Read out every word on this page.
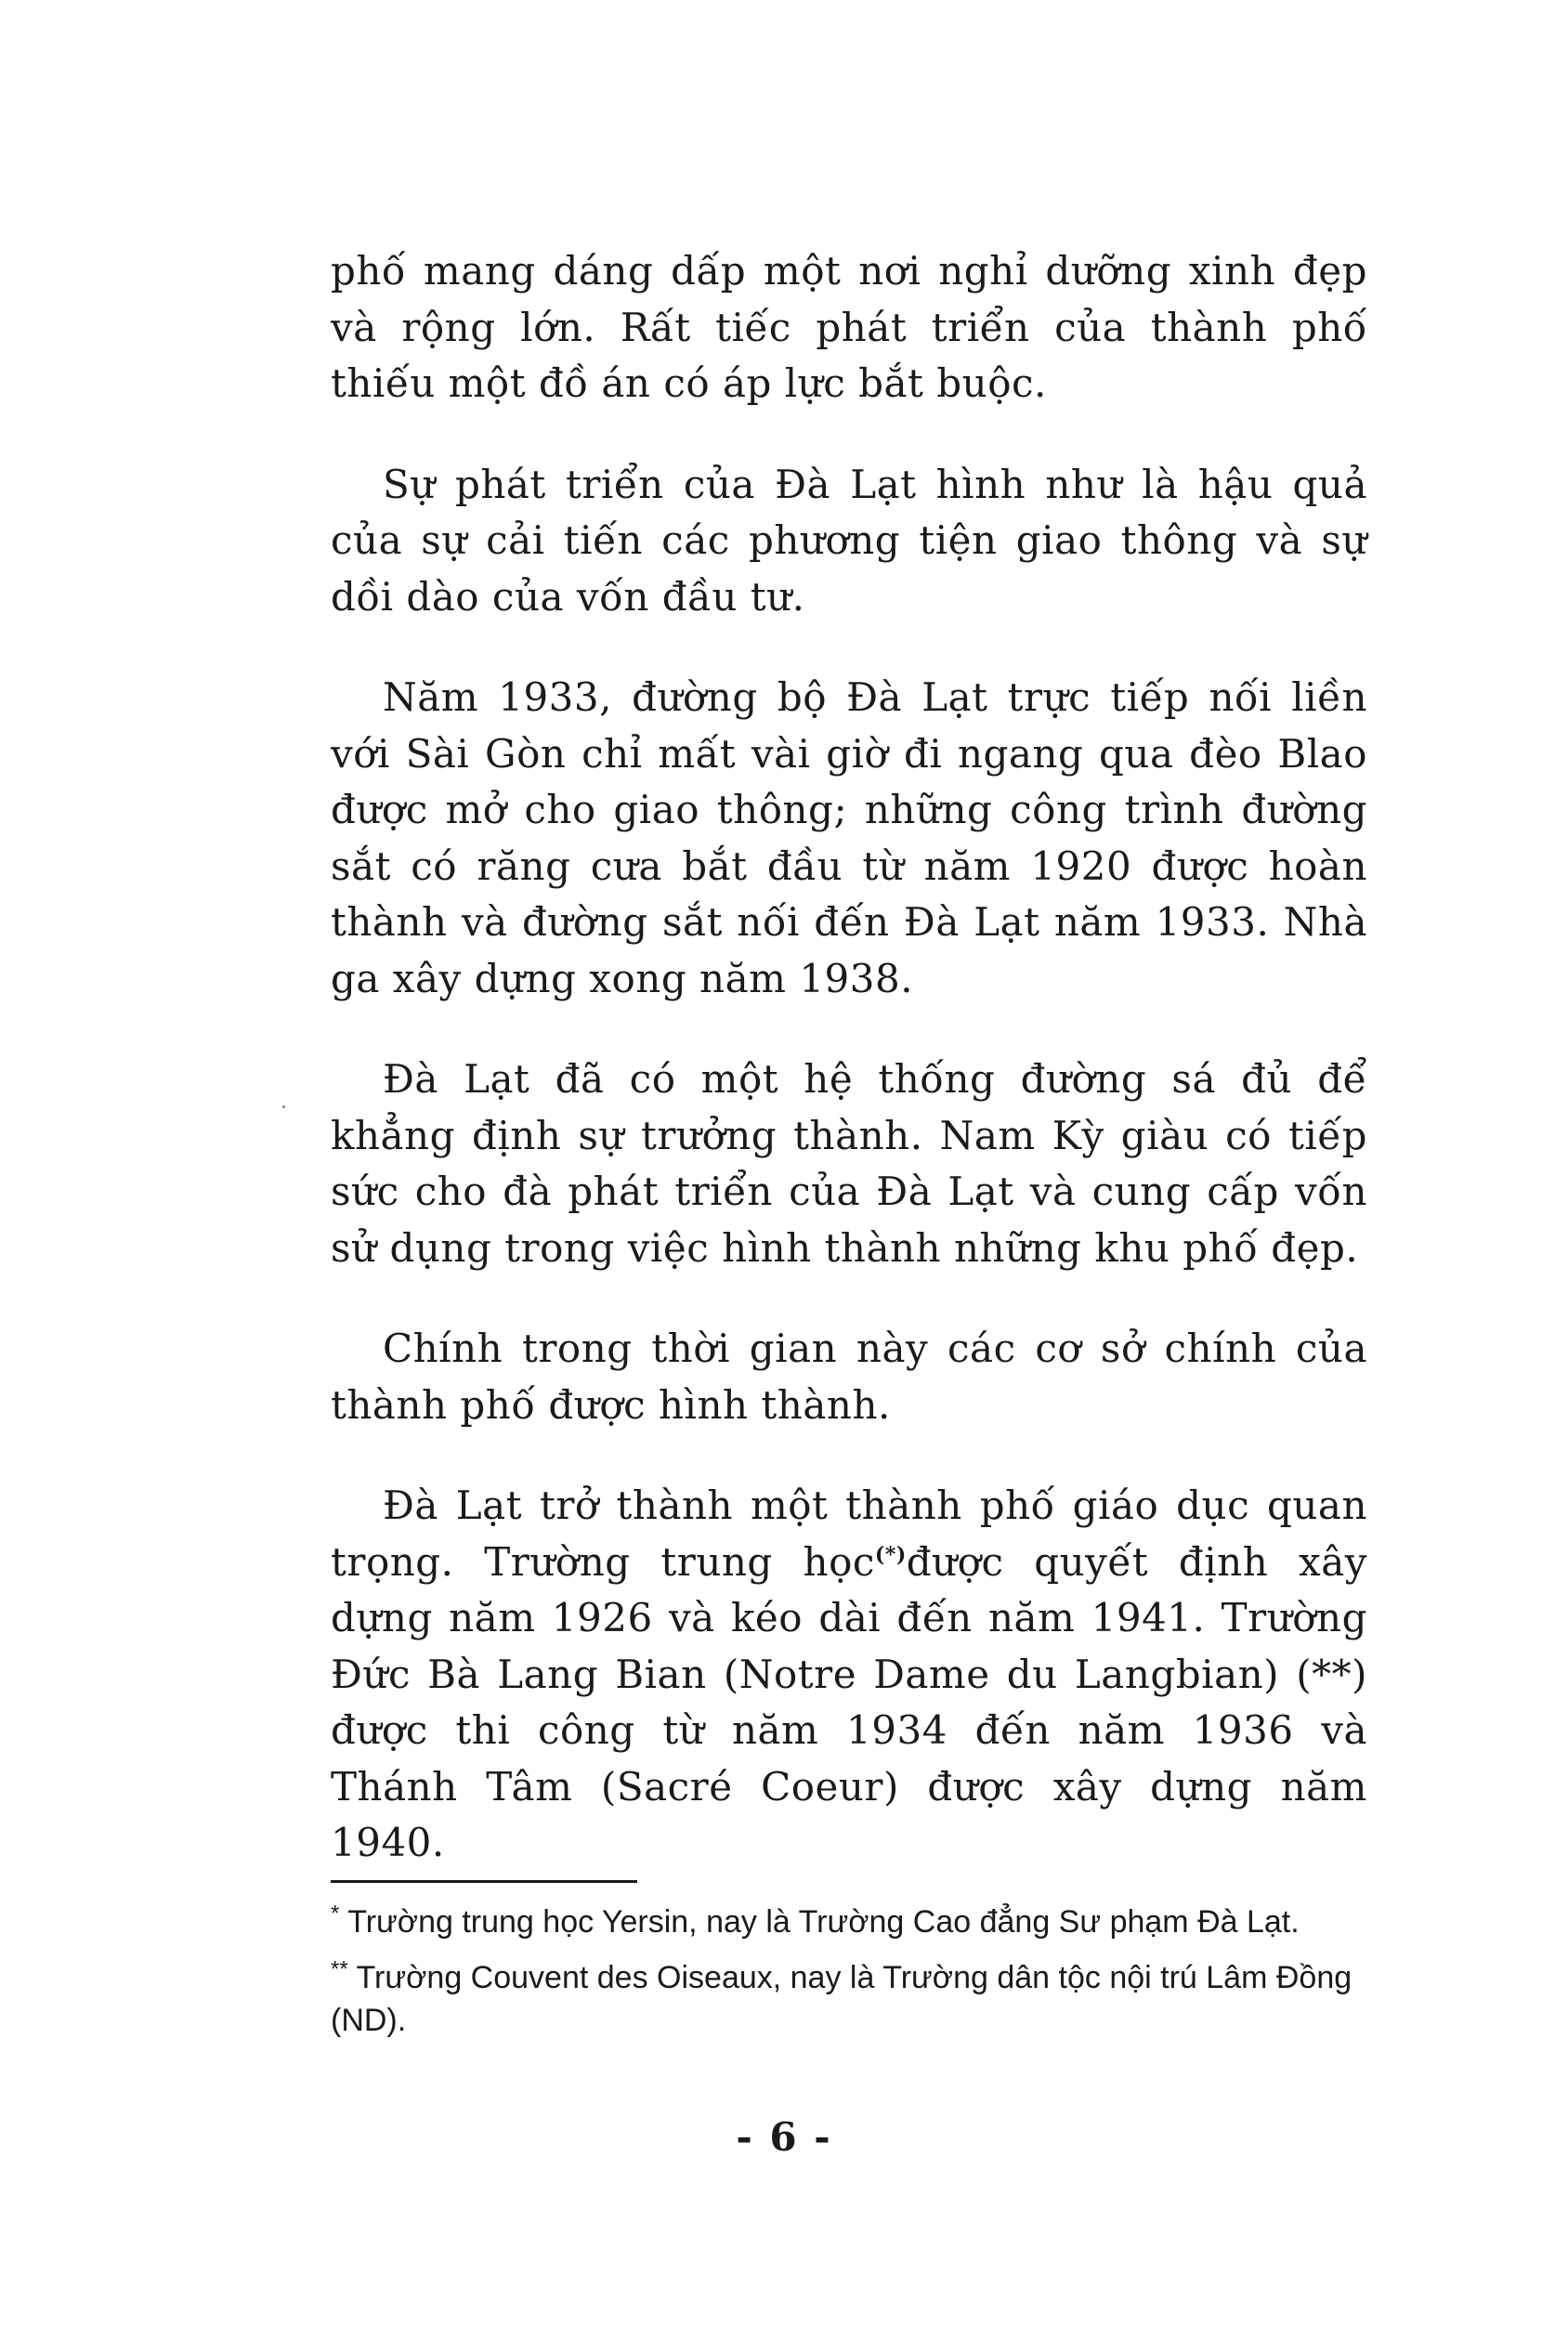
phố mang dáng dấp một nơi nghỉ dưỡng xinh đẹp và rộng lớn. Rất tiếc phát triển của thành phố thiếu một đồ án có áp lực bắt buộc.

Sự phát triển của Đà Lạt hình như là hậu quả của sự cải tiến các phương tiện giao thông và sự dồi dào của vốn đầu tư.

Năm 1933, đường bộ Đà Lạt trực tiếp nối liền với Sài Gòn chỉ mất vài giờ đi ngang qua đèo Blao được mở cho giao thông; những công trình đường sắt có răng cưa bắt đầu từ năm 1920 được hoàn thành và đường sắt nối đến Đà Lạt năm 1933. Nhà ga xây dựng xong năm 1938.

Đà Lạt đã có một hệ thống đường sá đủ để khẳng định sự trưởng thành. Nam Kỳ giàu có tiếp sức cho đà phát triển của Đà Lạt và cung cấp vốn sử dụng trong việc hình thành những khu phố đẹp.

Chính trong thời gian này các cơ sở chính của thành phố được hình thành.

Đà Lạt trở thành một thành phố giáo dục quan trọng. Trường trung học(*)được quyết định xây dựng năm 1926 và kéo dài đến năm 1941. Trường Đức Bà Lang Bian (Notre Dame du Langbian) (**) được thi công từ năm 1934 đến năm 1936 và Thánh Tâm (Sacré Coeur) được xây dựng năm 1940.

* Trường trung học Yersin, nay là Trường Cao đẳng Sư phạm Đà Lạt.

** Trường Couvent des Oiseaux, nay là Trường dân tộc nội trú Lâm Đồng (ND).

- 6 -
